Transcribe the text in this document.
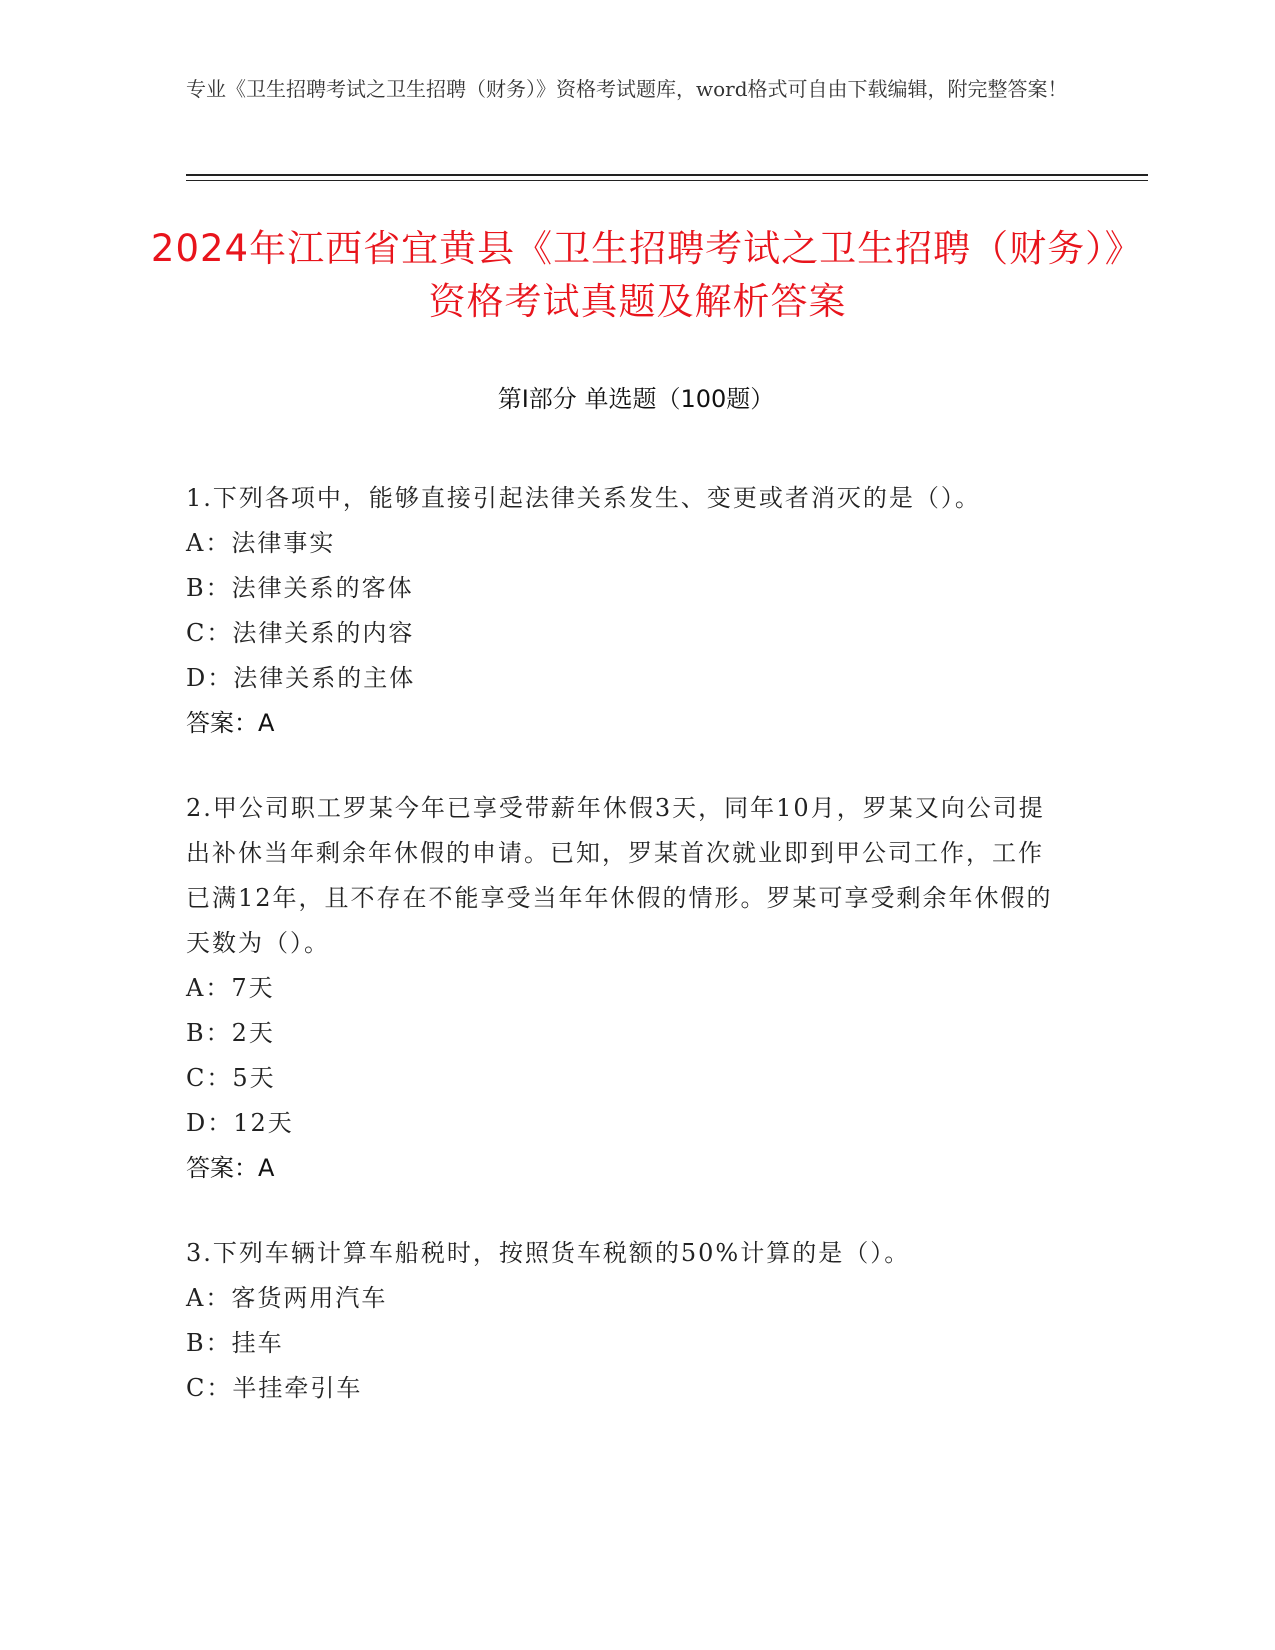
专业《卫生招聘考试之卫生招聘（财务）》资格考试题库，word格式可自由下载编辑，附完整答案！
2024年江西省宜黄县《卫生招聘考试之卫生招聘（财务）》资格考试真题及解析答案
第Ⅰ部分 单选题（100题）

1.下列各项中，能够直接引起法律关系发生、变更或者消灭的是（）。

A：法律事实

B：法律关系的客体

C：法律关系的内容

D：法律关系的主体

答案：A

2.甲公司职工罗某今年已享受带薪年休假3天，同年10月，罗某又向公司提出补休当年剩余年休假的申请。已知，罗某首次就业即到甲公司工作，工作已满12年，且不存在不能享受当年年休假的情形。罗某可享受剩余年休假的天数为（）。

A：7天

B：2天

C：5天

D：12天

答案：A

3.下列车辆计算车船税时，按照货车税额的50%计算的是（）。

A：客货两用汽车

B：挂车

C：半挂牵引车
